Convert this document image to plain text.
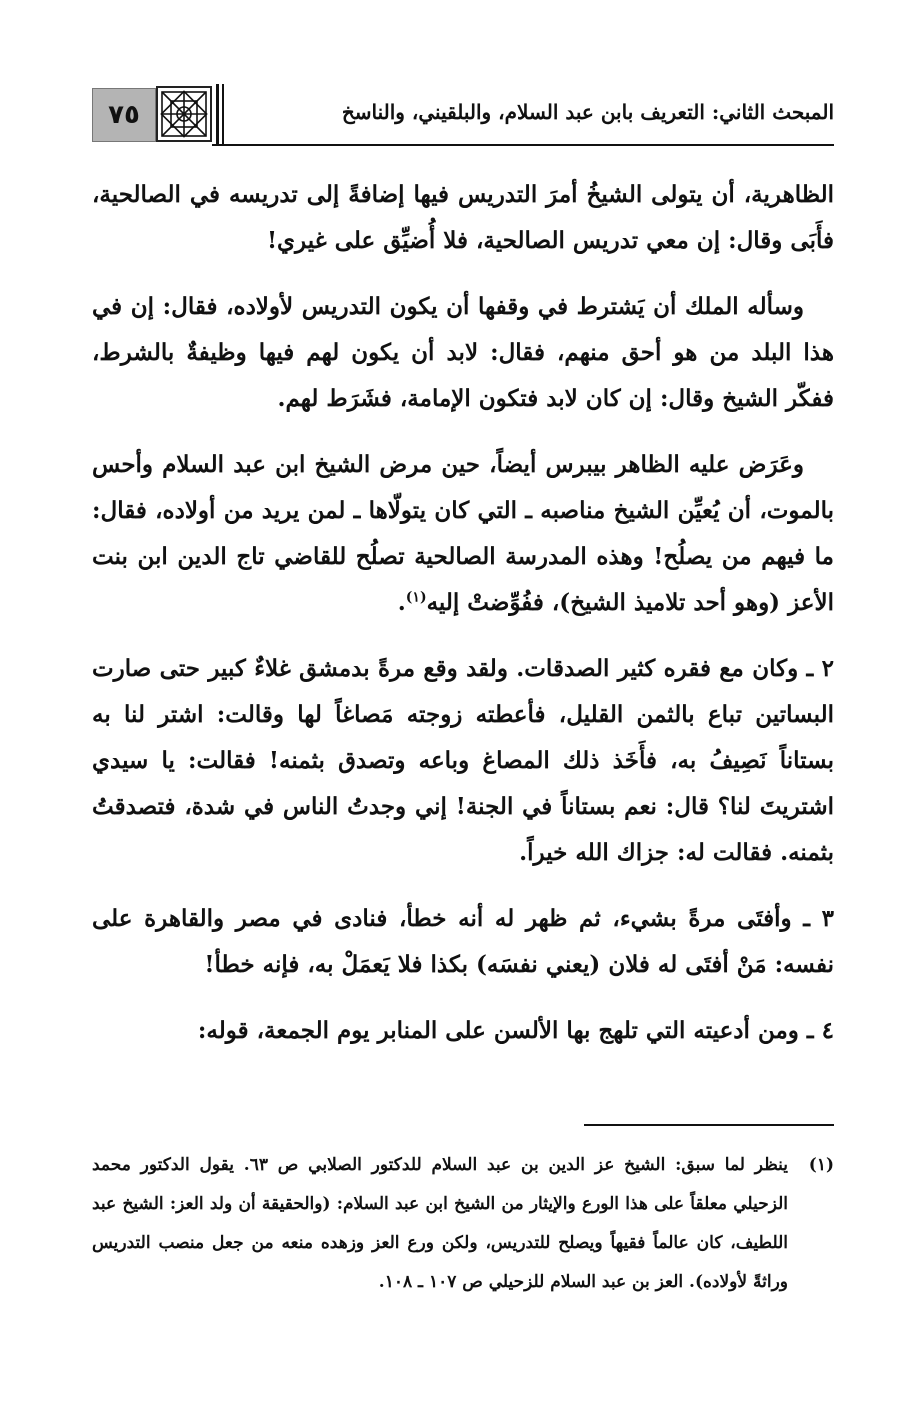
٧٥	المبحث الثاني: التعريف بابن عبد السلام، والبلقيني، والناسخ

الظاهرية، أن يتولى الشيخُ أمرَ التدريس فيها إضافةً إلى تدريسه في الصالحية، فأَبَى وقال: إن معي تدريس الصالحية، فلا أُضيِّق على غيري!

وسأله الملك أن يَشترط في وقفها أن يكون التدريس لأولاده، فقال: إن في هذا البلد من هو أحق منهم، فقال: لابد أن يكون لهم فيها وظيفةٌ بالشرط، ففكّر الشيخ وقال: إن كان لابد فتكون الإمامة، فشَرَط لهم.

وعَرَض عليه الظاهر بيبرس أيضاً، حين مرض الشيخ ابن عبد السلام وأحس بالموت، أن يُعيِّن الشيخ مناصبه ـ التي كان يتولّاها ـ لمن يريد من أولاده، فقال: ما فيهم من يصلُح! وهذه المدرسة الصالحية تصلُح للقاضي تاج الدين ابن بنت الأعز (وهو أحد تلاميذ الشيخ)، ففُوِّضتْ إليه$^{(١)}$.

٢ ـ وكان مع فقره كثير الصدقات. ولقد وقع مرةً بدمشق غلاءٌ كبير حتى صارت البساتين تباع بالثمن القليل، فأعطته زوجته مَصاغاً لها وقالت: اشتر لنا به بستاناً نَصِيفُ به، فأَخَذ ذلك المصاغ وباعه وتصدق بثمنه! فقالت: يا سيدي اشتريتَ لنا؟ قال: نعم بستاناً في الجنة! إني وجدتُ الناس في شدة، فتصدقتُ بثمنه. فقالت له: جزاك الله خيراً.

٣ ـ وأفتَى مرةً بشيء، ثم ظهر له أنه خطأ، فنادى في مصر والقاهرة على نفسه: مَنْ أفتَى له فلان (يعني نفسَه) بكذا فلا يَعمَلْ به، فإنه خطأ!

٤ ـ ومن أدعيته التي تلهج بها الألسن على المنابر يوم الجمعة، قوله:

(١)
ينظر لما سبق: الشيخ عز الدين بن عبد السلام للدكتور الصلابي ص ٦٣. يقول الدكتور محمد الزحيلي معلقاً على هذا الورع والإيثار من الشيخ ابن عبد السلام: (والحقيقة أن ولد العز: الشيخ عبد اللطيف، كان عالماً فقيهاً ويصلح للتدريس، ولكن ورع العز وزهده منعه من جعل منصب التدريس وراثةً لأولاده). العز بن عبد السلام للزحيلي ص ١٠٧ ـ ١٠٨.
